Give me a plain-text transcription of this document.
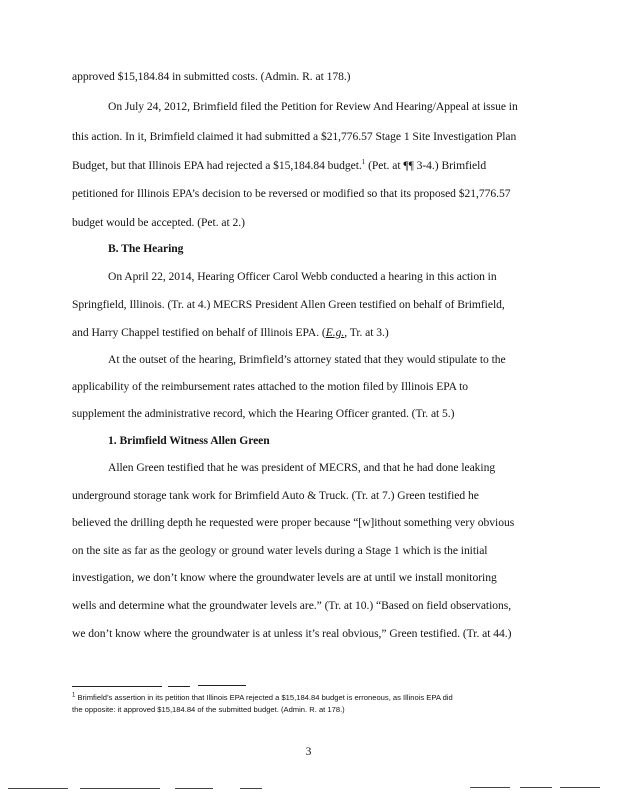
approved $15,184.84 in submitted costs. (Admin. R. at 178.)
On July 24, 2012, Brimfield filed the Petition for Review And Hearing/Appeal at issue in
this action. In it, Brimfield claimed it had submitted a $21,776.57 Stage 1 Site Investigation Plan
Budget, but that Illinois EPA had rejected a $15,184.84 budget.$^1$ (Pet. at ¶¶ 3-4.) Brimfield
petitioned for Illinois EPA’s decision to be reversed or modified so that its proposed $21,776.57
budget would be accepted. (Pet. at 2.)
B. The Hearing
On April 22, 2014, Hearing Officer Carol Webb conducted a hearing in this action in
Springfield, Illinois. (Tr. at 4.) MECRS President Allen Green testified on behalf of Brimfield,
and Harry Chappel testified on behalf of Illinois EPA. (E.g., Tr. at 3.)
At the outset of the hearing, Brimfield’s attorney stated that they would stipulate to the
applicability of the reimbursement rates attached to the motion filed by Illinois EPA to
supplement the administrative record, which the Hearing Officer granted. (Tr. at 5.)
1. Brimfield Witness Allen Green
Allen Green testified that he was president of MECRS, and that he had done leaking
underground storage tank work for Brimfield Auto & Truck. (Tr. at 7.) Green testified he
believed the drilling depth he requested were proper because “[w]ithout something very obvious
on the site as far as the geology or ground water levels during a Stage 1 which is the initial
investigation, we don’t know where the groundwater levels are at until we install monitoring
wells and determine what the groundwater levels are.” (Tr. at 10.) “Based on field observations,
we don’t know where the groundwater is at unless it’s real obvious,” Green testified. (Tr. at 44.)
$^1$ Brimfield’s assertion in its petition that Illinois EPA rejected a $15,184.84 budget is erroneous, as Illinois EPA did
the opposite: it approved $15,184.84 of the submitted budget. (Admin. R. at 178.)
3
